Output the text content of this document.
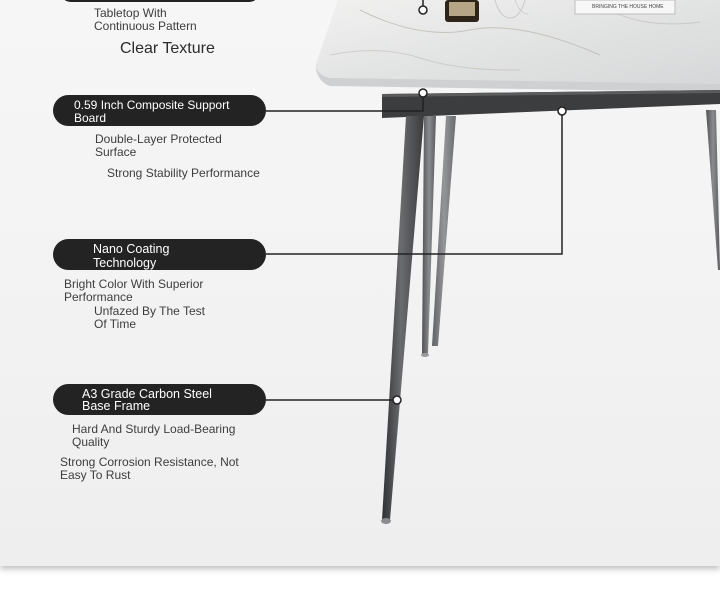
BRINGING THE HOUSE HOME
Tabletop With
Continuous Pattern
Clear Texture
0.59 Inch Composite Support
Board
Double-Layer Protected
Surface
Strong Stability Performance
Nano Coating
Technology
Bright Color With Superior
Performance
Unfazed By The Test
Of Time
A3 Grade Carbon Steel
Base Frame
Hard And Sturdy Load-Bearing
Quality
Strong Corrosion Resistance, Not
Easy To Rust
